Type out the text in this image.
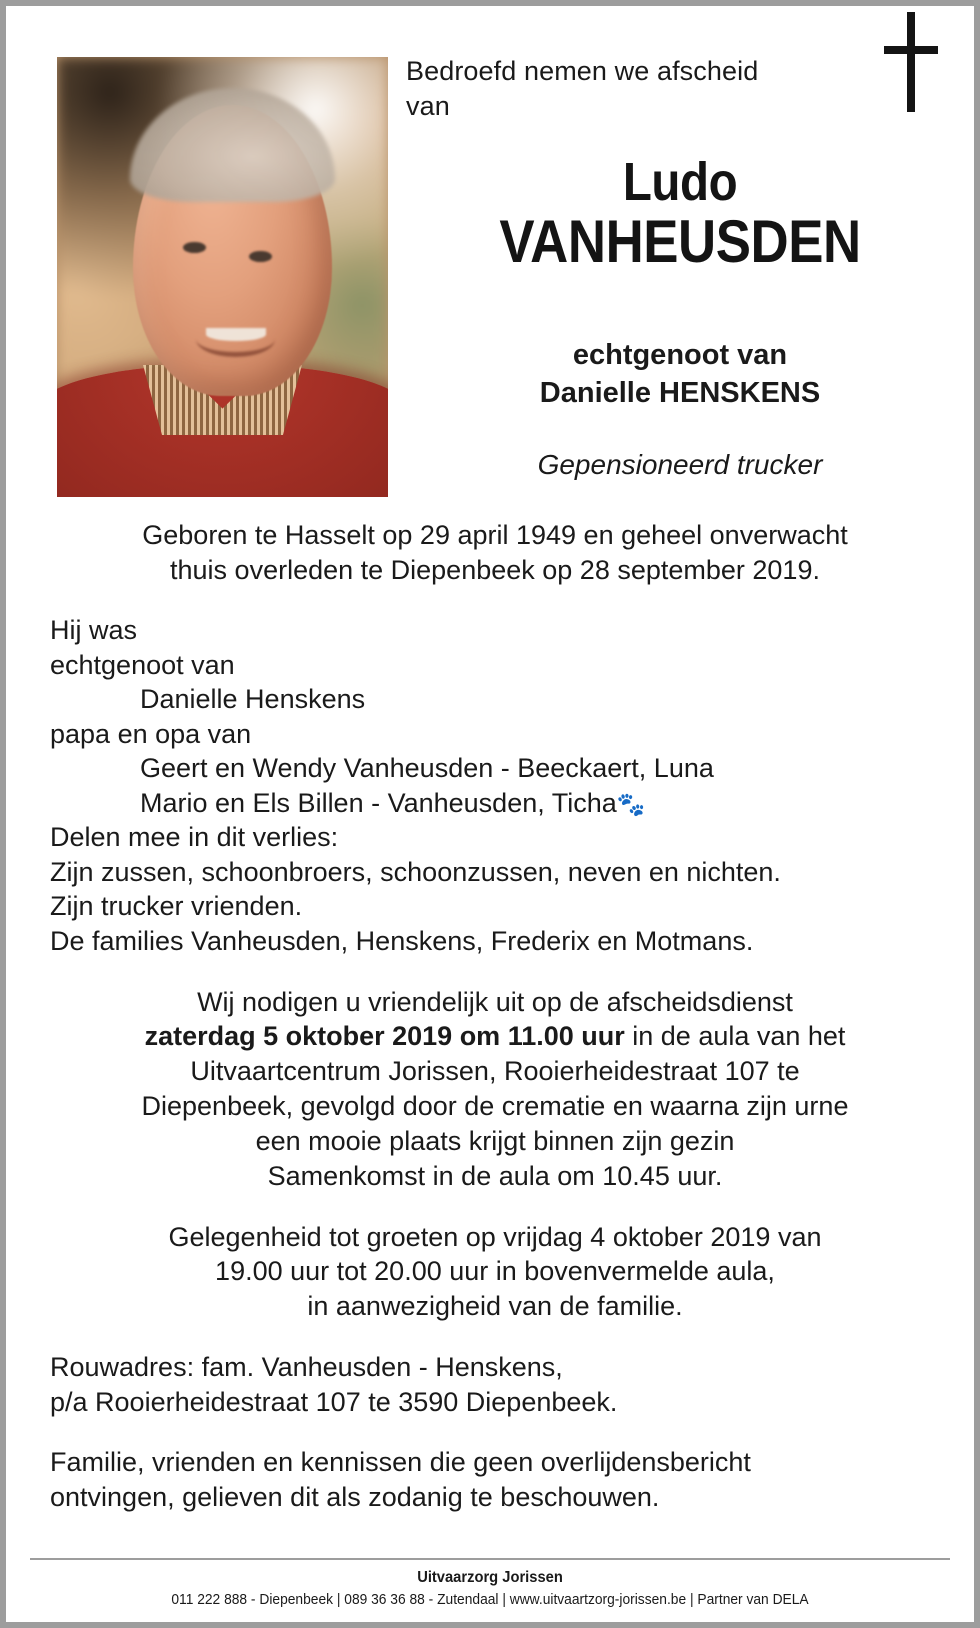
Bedroefd nemen we afscheid
van
Ludo
VANHEUSDEN
echtgenoot van
Danielle HENSKENS
Gepensioneerd trucker
Geboren te Hasselt op 29 april 1949 en geheel onverwacht
thuis overleden te Diepenbeek op 28 september 2019.
Hij was
echtgenoot van
Danielle Henskens
papa en opa van
Geert en Wendy Vanheusden - Beeckaert, Luna
Mario en Els Billen - Vanheusden, Ticha🐾
Delen mee in dit verlies:
Zijn zussen, schoonbroers, schoonzussen, neven en nichten.
Zijn trucker vrienden.
De families Vanheusden, Henskens, Frederix en Motmans.
Wij nodigen u vriendelijk uit op de afscheidsdienst
zaterdag 5 oktober 2019 om 11.00 uur in de aula van het
Uitvaartcentrum Jorissen, Rooierheidestraat 107 te
Diepenbeek, gevolgd door de crematie en waarna zijn urne
een mooie plaats krijgt binnen zijn gezin
Samenkomst in de aula om 10.45 uur.
Gelegenheid tot groeten op vrijdag 4 oktober 2019 van
19.00 uur tot 20.00 uur in bovenvermelde aula,
in aanwezigheid van de familie.
Rouwadres: fam. Vanheusden - Henskens,
p/a Rooierheidestraat 107 te 3590 Diepenbeek.
Familie, vrienden en kennissen die geen overlijdensbericht
ontvingen, gelieven dit als zodanig te beschouwen.
Uitvaarzorg Jorissen
011 222 888 - Diepenbeek | 089 36 36 88 - Zutendaal | www.uitvaartzorg-jorissen.be | Partner van DELA
